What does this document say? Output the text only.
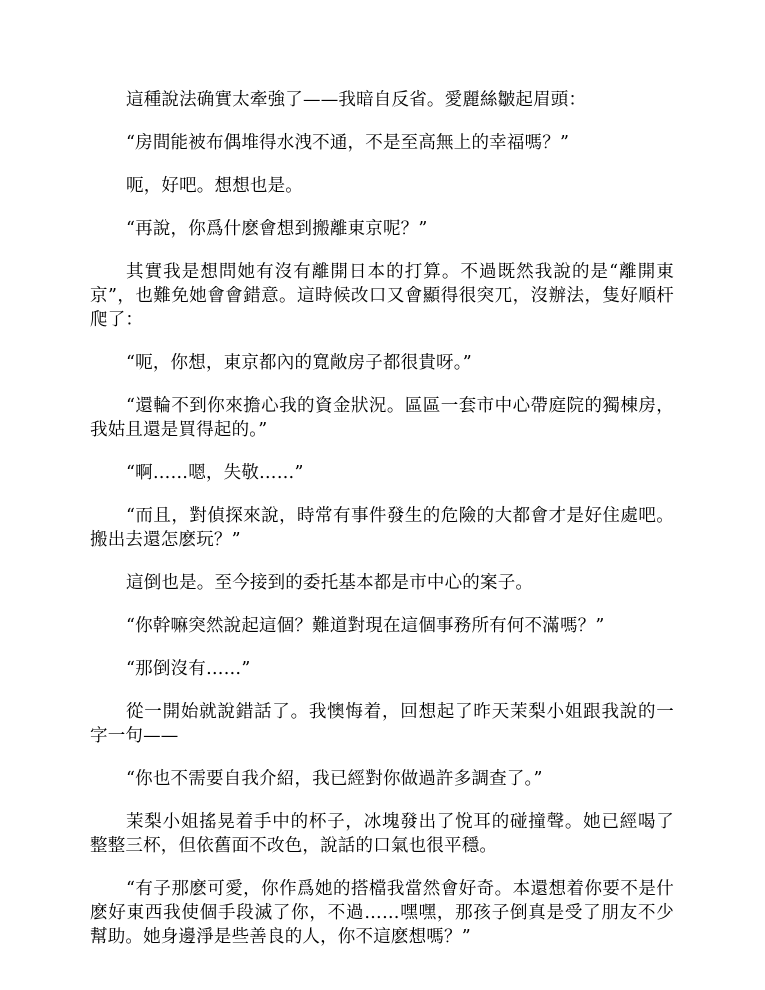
這種說法确實太牽強了——我暗自反省。愛麗絲皺起眉頭：

“房間能被布偶堆得水洩不通，不是至高無上的幸福嗎？”

呃，好吧。想想也是。

“再說，你爲什麽會想到搬離東京呢？”

其實我是想問她有沒有離開日本的打算。不過既然我說的是“離開東京”，也難免她會會錯意。這時候改口又會顯得很突兀，沒辦法，隻好順杆爬了：

“呃，你想，東京都內的寬敞房子都很貴呀。”

“還輪不到你來擔心我的資金狀況。區區一套市中心帶庭院的獨棟房，我姑且還是買得起的。”

“啊……嗯，失敬……”

“而且，對偵探來說，時常有事件發生的危險的大都會才是好住處吧。搬出去還怎麽玩？”

這倒也是。至今接到的委托基本都是市中心的案子。

“你幹嘛突然說起這個？難道對現在這個事務所有何不滿嗎？”

“那倒沒有……”

從一開始就說錯話了。我懊悔着，回想起了昨天茉梨小姐跟我說的一字一句——

“你也不需要自我介紹，我已經對你做過許多調查了。”

茉梨小姐搖晃着手中的杯子，冰塊發出了悅耳的碰撞聲。她已經喝了整整三杯，但依舊面不改色，說話的口氣也很平穩。

“有子那麽可愛，你作爲她的搭檔我當然會好奇。本還想着你要不是什麽好東西我使個手段滅了你，不過……嘿嘿，那孩子倒真是受了朋友不少幫助。她身邊淨是些善良的人，你不這麽想嗎？”
